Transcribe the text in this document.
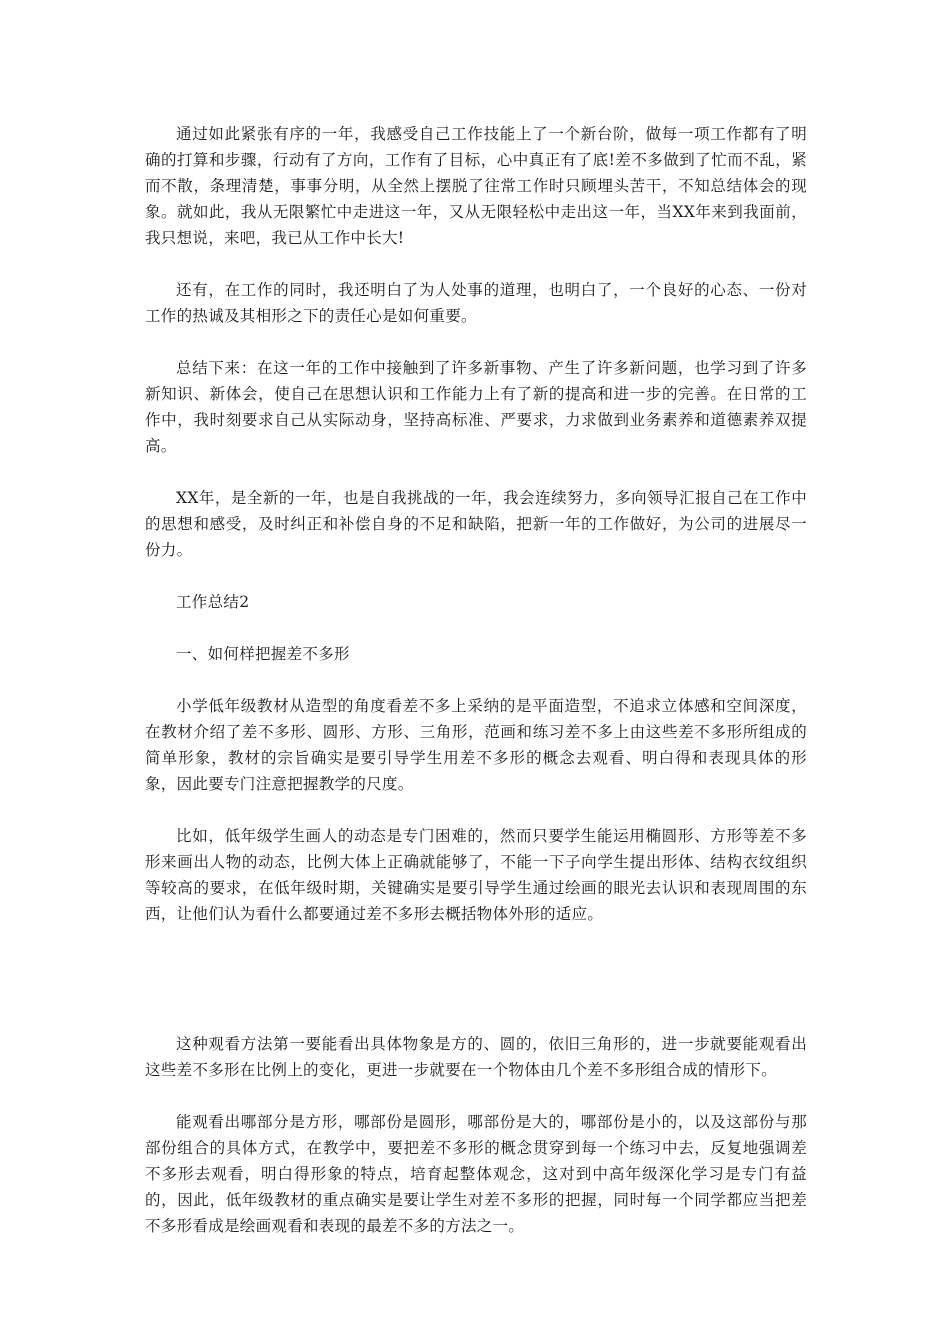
通过如此紧张有序的一年，我感受自己工作技能上了一个新台阶，做每一项工作都有了明确的打算和步骤，行动有了方向，工作有了目标，心中真正有了底!差不多做到了忙而不乱，紧而不散，条理清楚，事事分明，从全然上摆脱了往常工作时只顾埋头苦干，不知总结体会的现象。就如此，我从无限繁忙中走进这一年，又从无限轻松中走出这一年，当XX年来到我面前，我只想说，来吧，我已从工作中长大!

还有，在工作的同时，我还明白了为人处事的道理，也明白了，一个良好的心态、一份对工作的热诚及其相形之下的责任心是如何重要。

总结下来：在这一年的工作中接触到了许多新事物、产生了许多新问题，也学习到了许多新知识、新体会，使自己在思想认识和工作能力上有了新的提高和进一步的完善。在日常的工作中，我时刻要求自己从实际动身，坚持高标准、严要求，力求做到业务素养和道德素养双提高。

XX年，是全新的一年，也是自我挑战的一年，我会连续努力，多向领导汇报自己在工作中的思想和感受，及时纠正和补偿自身的不足和缺陷，把新一年的工作做好，为公司的进展尽一份力。

工作总结2

一、如何样把握差不多形

小学低年级教材从造型的角度看差不多上采纳的是平面造型，不追求立体感和空间深度，在教材介绍了差不多形、圆形、方形、三角形，范画和练习差不多上由这些差不多形所组成的简单形象，教材的宗旨确实是要引导学生用差不多形的概念去观看、明白得和表现具体的形象，因此要专门注意把握教学的尺度。

比如，低年级学生画人的动态是专门困难的，然而只要学生能运用椭圆形、方形等差不多形来画出人物的动态，比例大体上正确就能够了，不能一下子向学生提出形体、结构衣纹组织等较高的要求，在低年级时期，关键确实是要引导学生通过绘画的眼光去认识和表现周围的东西，让他们认为看什么都要通过差不多形去概括物体外形的适应。

这种观看方法第一要能看出具体物象是方的、圆的，依旧三角形的，进一步就要能观看出这些差不多形在比例上的变化，更进一步就要在一个物体由几个差不多形组合成的情形下。

能观看出哪部分是方形，哪部份是圆形，哪部份是大的，哪部份是小的，以及这部份与那部份组合的具体方式，在教学中，要把差不多形的概念贯穿到每一个练习中去，反复地强调差不多形去观看，明白得形象的特点，培育起整体观念，这对到中高年级深化学习是专门有益的，因此，低年级教材的重点确实是要让学生对差不多形的把握，同时每一个同学都应当把差不多形看成是绘画观看和表现的最差不多的方法之一。
